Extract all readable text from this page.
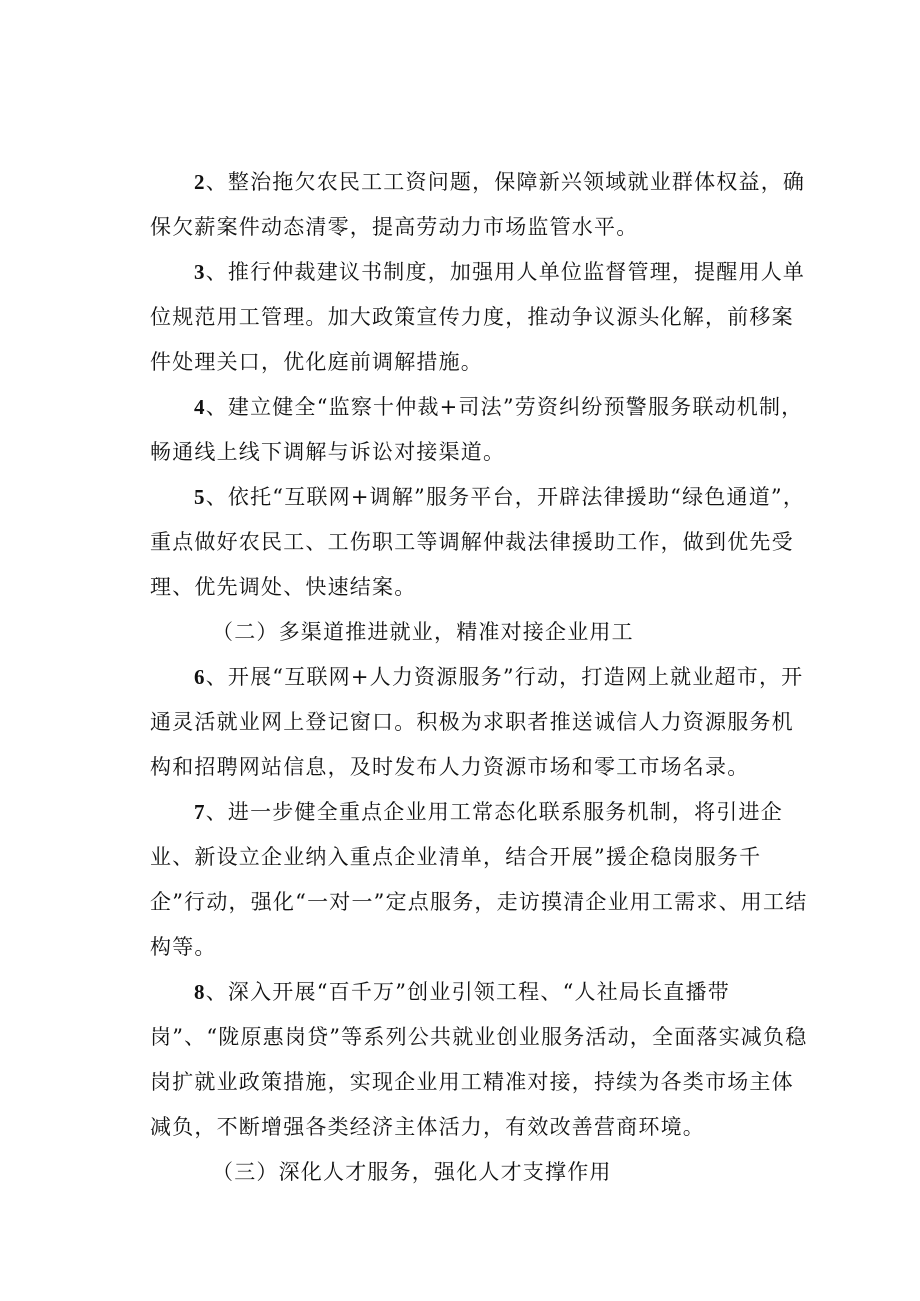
2、整治拖欠农民工工资问题，保障新兴领域就业群体权益，确保欠薪案件动态清零，提高劳动力市场监管水平。

3、推行仲裁建议书制度，加强用人单位监督管理，提醒用人单位规范用工管理。加大政策宣传力度，推动争议源头化解，前移案件处理关口，优化庭前调解措施。

4、建立健全“监察十仲裁+司法”劳资纠纷预警服务联动机制，畅通线上线下调解与诉讼对接渠道。

5、依托“互联网+调解”服务平台，开辟法律援助“绿色通道”，重点做好农民工、工伤职工等调解仲裁法律援助工作，做到优先受理、优先调处、快速结案。

（二）多渠道推进就业，精准对接企业用工

6、开展“互联网+人力资源服务”行动，打造网上就业超市，开通灵活就业网上登记窗口。积极为求职者推送诚信人力资源服务机构和招聘网站信息，及时发布人力资源市场和零工市场名录。

7、进一步健全重点企业用工常态化联系服务机制，将引进企业、新设立企业纳入重点企业清单，结合开展”援企稳岗服务千企”行动，强化“一对一”定点服务，走访摸清企业用工需求、用工结构等。

8、深入开展“百千万”创业引领工程、“人社局长直播带岗”、“陇原惠岗贷”等系列公共就业创业服务活动，全面落实减负稳岗扩就业政策措施，实现企业用工精准对接，持续为各类市场主体减负，不断增强各类经济主体活力，有效改善营商环境。

（三）深化人才服务，强化人才支撑作用
